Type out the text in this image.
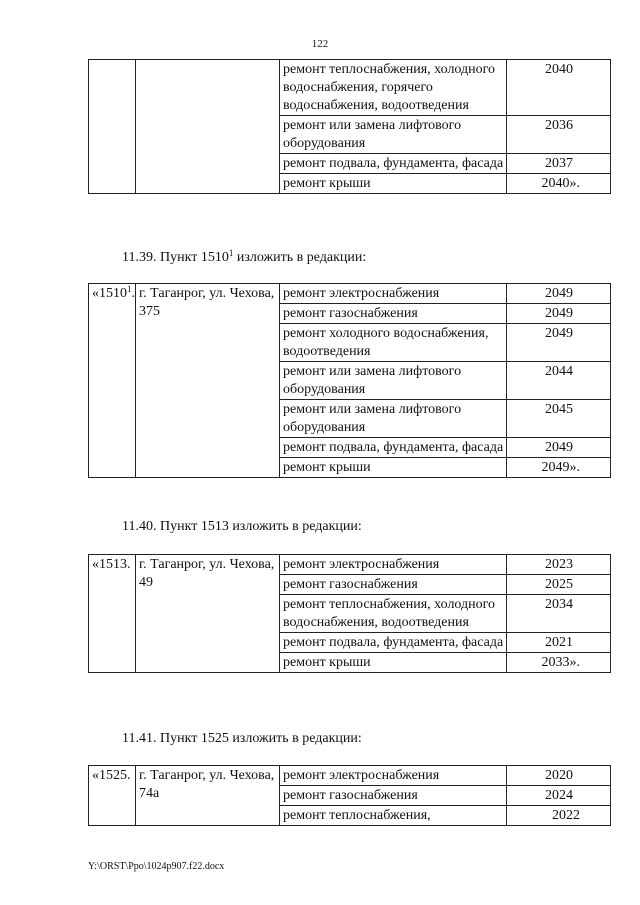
122
		ремонт теплоснабжения, холодного водоснабжения, горячего водоснабжения, водоотведения	2040
		ремонт или замена лифтового оборудования	2036
		ремонт подвала, фундамента, фасада	2037
		ремонт крыши	2040».
11.39. Пункт 1510$^1$ изложить в редакции:
«1510$^1$.	г. Таганрог, ул. Чехова, 375	ремонт электроснабжения	2049
		ремонт газоснабжения	2049
		ремонт холодного водоснабжения, водоотведения	2049
		ремонт или замена лифтового оборудования	2044
		ремонт или замена лифтового оборудования	2045
		ремонт подвала, фундамента, фасада	2049
		ремонт крыши	2049».
11.40. Пункт 1513 изложить в редакции:
«1513.	г. Таганрог, ул. Чехова, 49	ремонт электроснабжения	2023
		ремонт газоснабжения	2025
		ремонт теплоснабжения, холодного водоснабжения, водоотведения	2034
		ремонт подвала, фундамента, фасада	2021
		ремонт крыши	2033».
11.41. Пункт 1525 изложить в редакции:
«1525.	г. Таганрог, ул. Чехова, 74а	ремонт электроснабжения	2020
		ремонт газоснабжения	2024
		ремонт теплоснабжения,	2022
Y:\ORST\Ppo\1024p907.f22.docx
